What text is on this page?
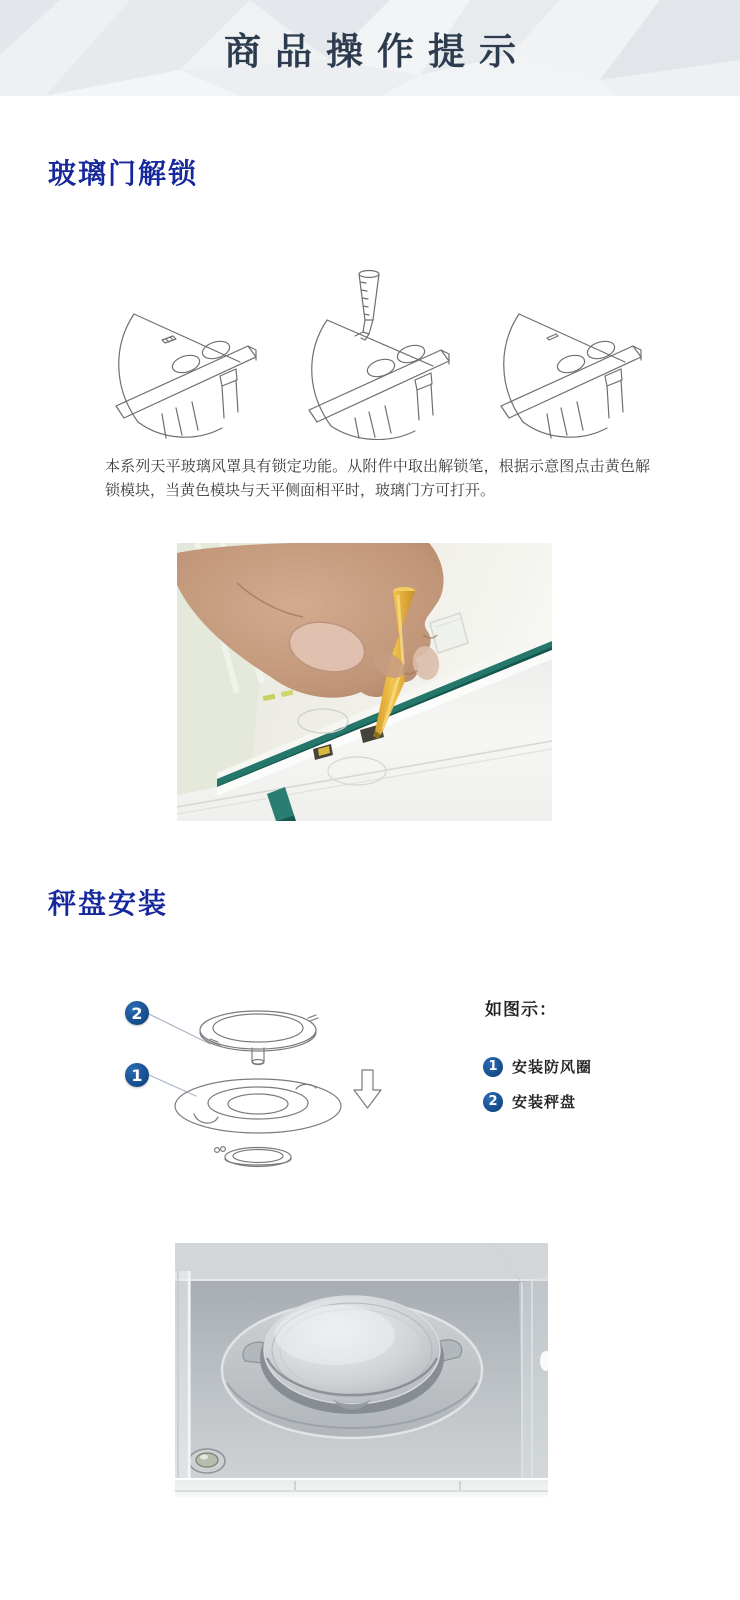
商品操作提示
玻璃门解锁

本系列天平玻璃风罩具有锁定功能。从附件中取出解锁笔，根据示意图点击黄色解锁模块，当黄色模块与天平侧面相平时，玻璃门方可打开。

秤盘安装
2
1
如图示：
1 安装防风圈
2 安装秤盘
